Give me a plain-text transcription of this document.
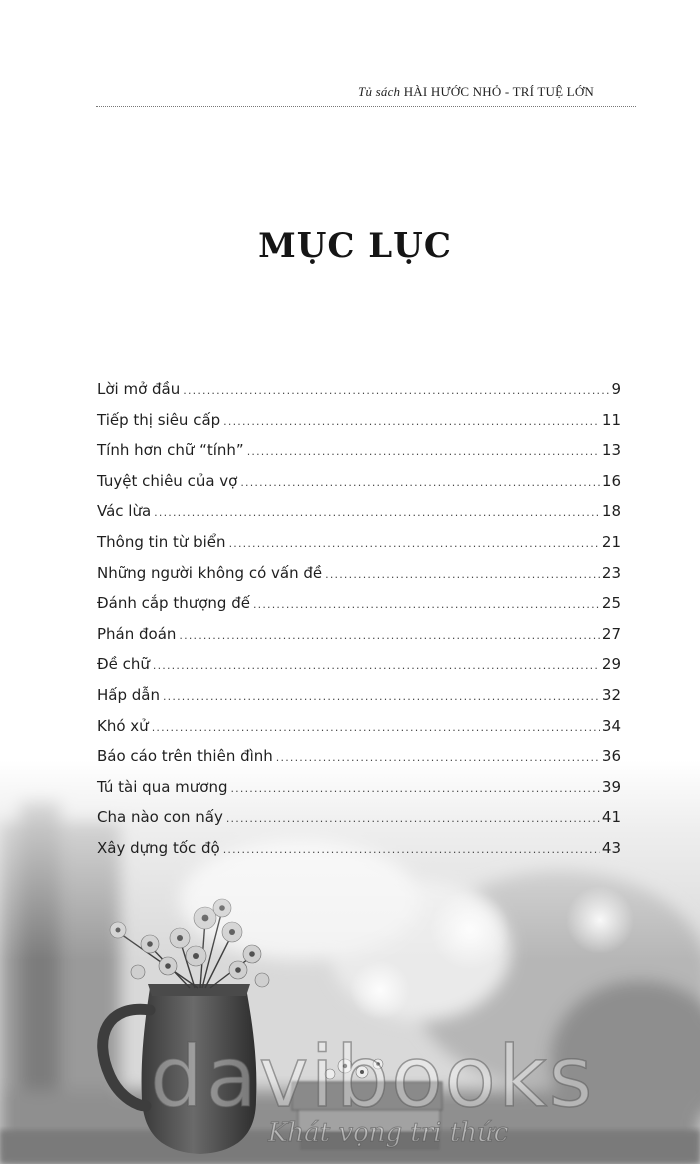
Tủ sách HÀI HƯỚC NHỎ - TRÍ TUỆ LỚN
MỤC LỤC
Lời mở đầu .....	9
Tiếp thị siêu cấp .....	11
Tính hơn chữ “tính” .....	13
Tuyệt chiêu của vợ .....	16
Vác lừa .....	18
Thông tin từ biển .....	21
Những người không có vấn đề .....	23
Đánh cắp thượng đế .....	25
Phán đoán .....	27
Đề chữ .....	29
Hấp dẫn .....	32
Khó xử .....	34
Báo cáo trên thiên đình .....	36
Tú tài qua mương .....	39
Cha nào con nấy .....	41
Xây dựng tốc độ .....	43
davibooks
Khát vọng tri thức
